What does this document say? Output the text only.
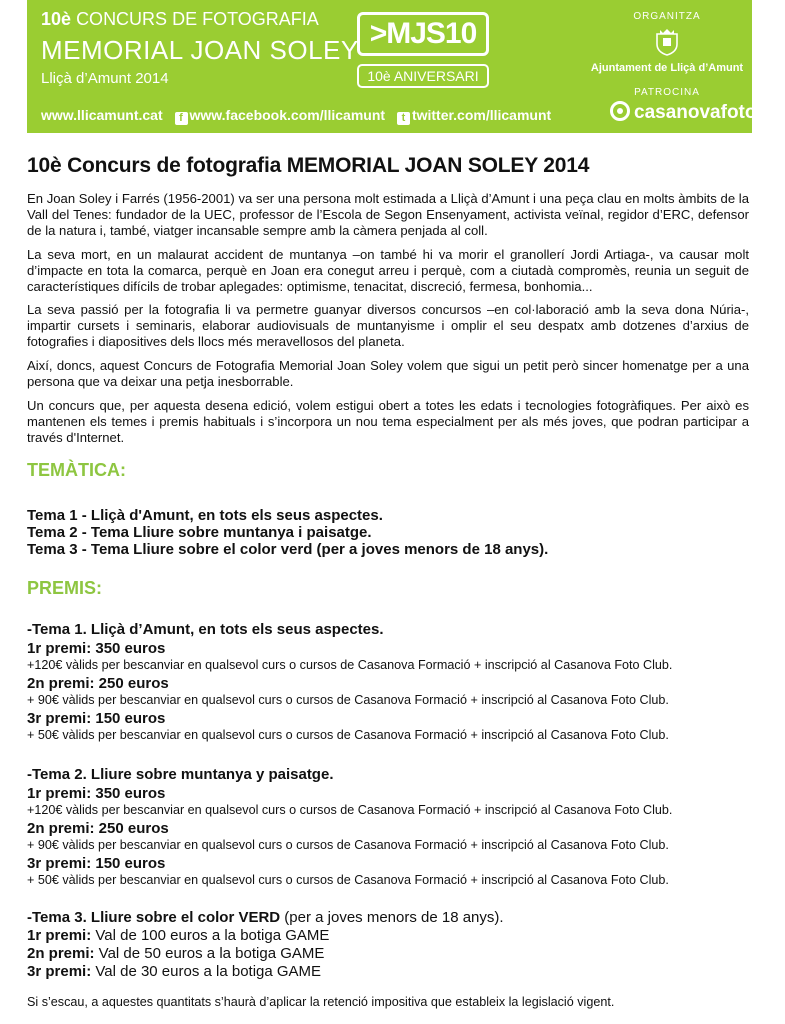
10è CONCURS DE FOTOGRAFIA
MEMORIAL JOAN SOLEY
Lliçà d’Amunt 2014
>MJS10
10è ANIVERSARI
www.llicamunt.cat f www.facebook.com/llicamunt t twitter.com/llicamunt
ORGANITZA
Ajuntament de Lliçà d’Amunt
PATROCINA
casanovafoto
10è Concurs de fotografia MEMORIAL JOAN SOLEY 2014

En Joan Soley i Farrés (1956-2001) va ser una persona molt estimada a Lliçà d’Amunt i una peça clau en molts àmbits de la Vall del Tenes: fundador de la UEC, professor de l’Escola de Segon Ensenyament, activista veïnal, regidor d’ERC, defensor de la natura i, també, viatger incansable sempre amb la càmera penjada al coll.

La seva mort, en un malaurat accident de muntanya –on també hi va morir el granollerí Jordi Artiaga-, va causar molt d’impacte en tota la comarca, perquè en Joan era conegut arreu i perquè, com a ciutadà compromès, reunia un seguit de característiques difícils de trobar aplegades: optimisme, tenacitat, discreció, fermesa, bonhomia...

La seva passió per la fotografia li va permetre guanyar diversos concursos –en col·laboració amb la seva dona Núria-, impartir cursets i seminaris, elaborar audiovisuals de muntanyisme i omplir el seu despatx amb dotzenes d’arxius de fotografies i diapositives dels llocs més meravellosos del planeta.

Així, doncs, aquest Concurs de Fotografia Memorial Joan Soley volem que sigui un petit però sincer homenatge per a una persona que va deixar una petja inesborrable.

Un concurs que, per aquesta desena edició, volem estigui obert a totes les edats i tecnologies fotogràfiques. Per això es mantenen els temes i premis habituals i s’incorpora un nou tema especialment per als més joves, que podran participar a través d'Internet.

TEMÀTICA:
Tema 1 - Lliçà d'Amunt, en tots els seus aspectes.
Tema 2 - Tema Lliure sobre muntanya i paisatge.
Tema 3 - Tema Lliure sobre el color verd (per a joves menors de 18 anys).
PREMIS:
-Tema 1. Lliçà d’Amunt, en tots els seus aspectes.
1r premi: 350 euros
+120€ vàlids per bescanviar en qualsevol curs o cursos de Casanova Formació + inscripció al Casanova Foto Club.
2n premi: 250 euros
+ 90€ vàlids per bescanviar en qualsevol curs o cursos de Casanova Formació + inscripció al Casanova Foto Club.
3r premi: 150 euros
+ 50€ vàlids per bescanviar en qualsevol curs o cursos de Casanova Formació + inscripció al Casanova Foto Club.
-Tema 2. Lliure sobre muntanya y paisatge.
1r premi: 350 euros
+120€ vàlids per bescanviar en qualsevol curs o cursos de Casanova Formació + inscripció al Casanova Foto Club.
2n premi: 250 euros
+ 90€ vàlids per bescanviar en qualsevol curs o cursos de Casanova Formació + inscripció al Casanova Foto Club.
3r premi: 150 euros
+ 50€ vàlids per bescanviar en qualsevol curs o cursos de Casanova Formació + inscripció al Casanova Foto Club.
-Tema 3. Lliure sobre el color VERD (per a joves menors de 18 anys).
1r premi: Val de 100 euros a la botiga GAME
2n premi: Val de 50 euros a la botiga GAME
3r premi: Val de 30 euros a la botiga GAME
Si s’escau, a aquestes quantitats s’haurà d’aplicar la retenció impositiva que estableix la legislació vigent.
